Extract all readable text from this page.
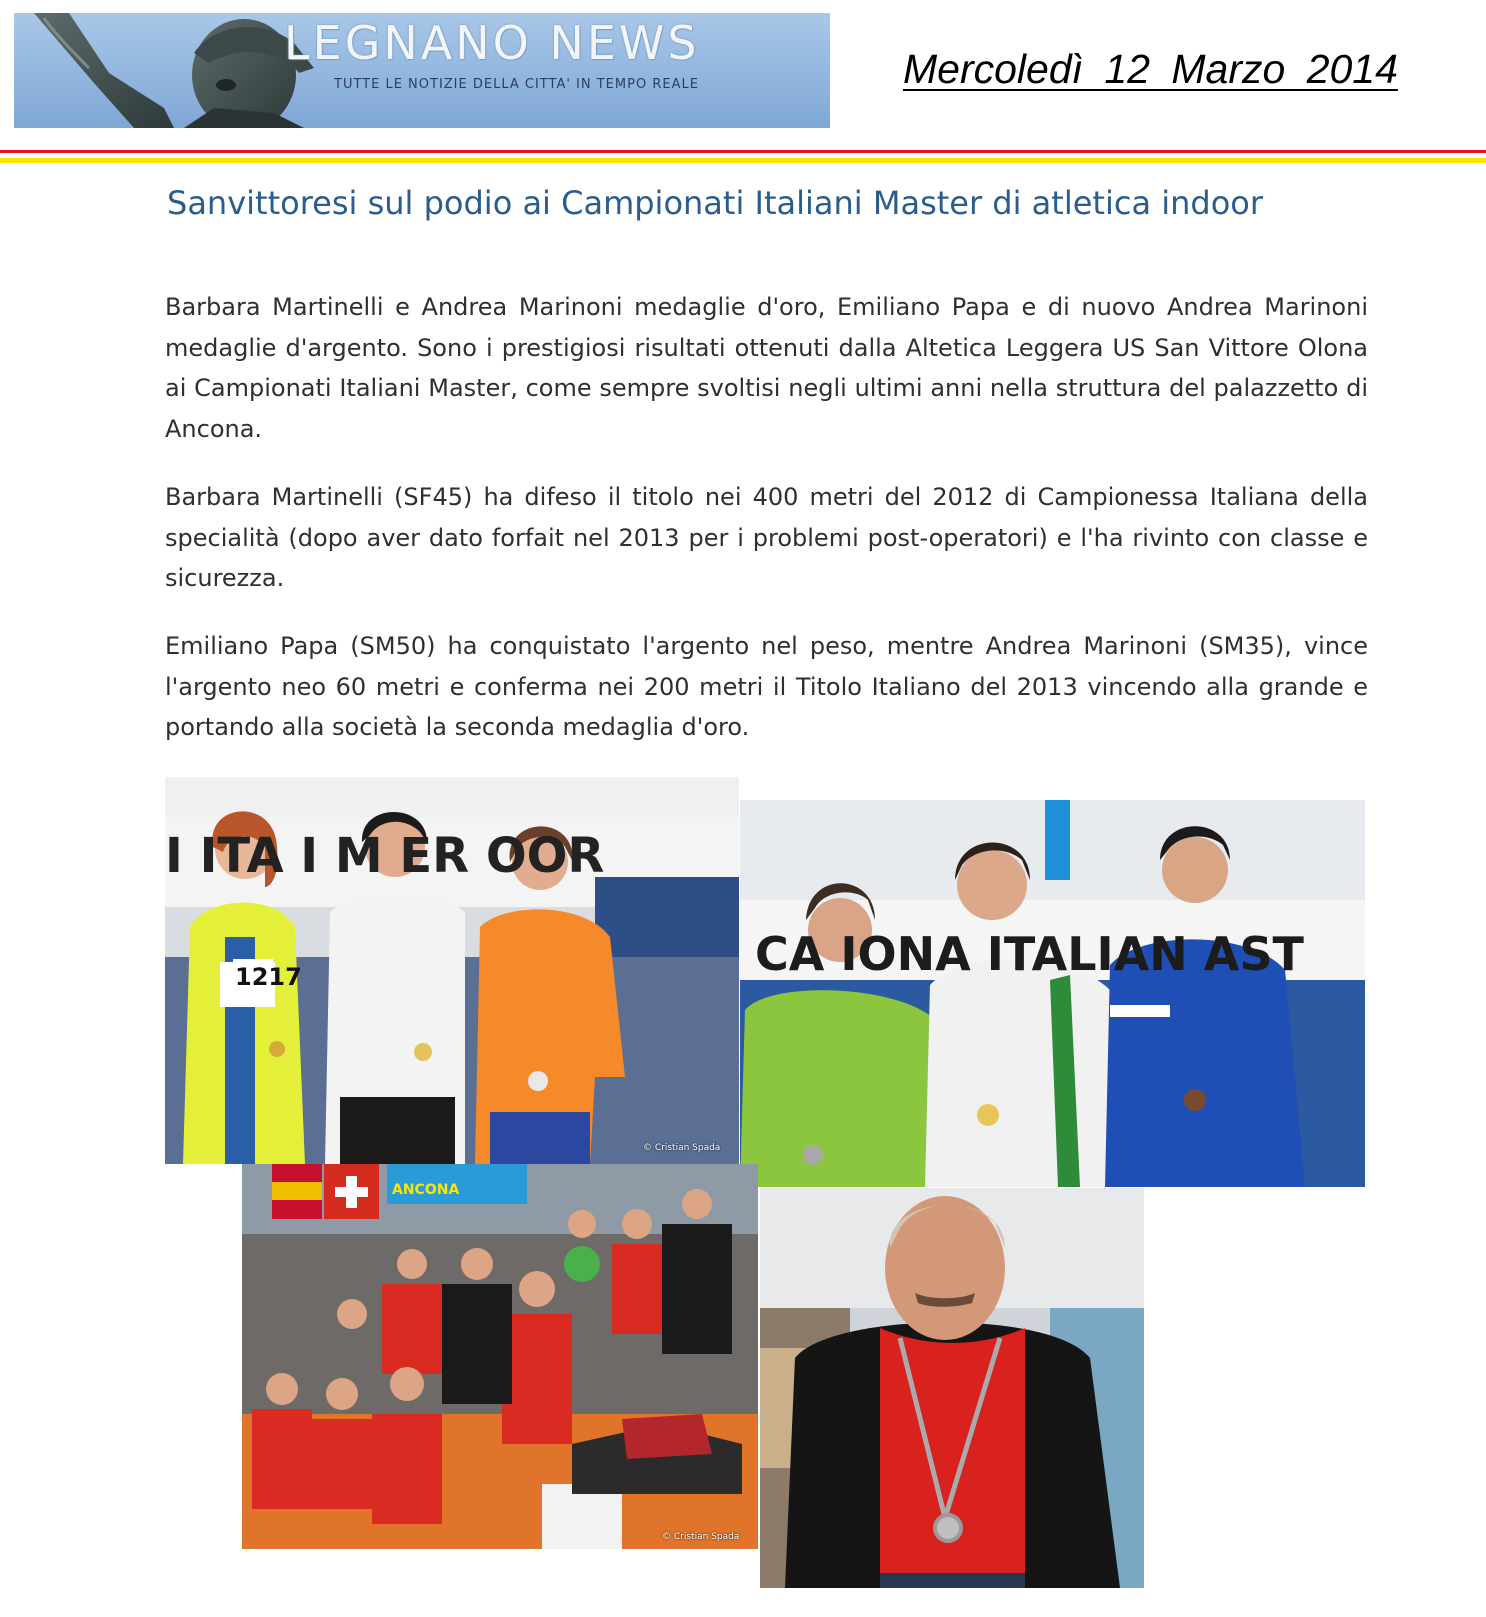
LEGNANO NEWS
TUTTE LE NOTIZIE DELLA CITTA' IN TEMPO REALE	Mercoledì 12 Marzo 2014
Sanvittoresi sul podio ai Campionati Italiani Master di atletica indoor

Barbara Martinelli e Andrea Marinoni medaglie d'oro, Emiliano Papa e di nuovo Andrea Marinoni medaglie d'argento. Sono i prestigiosi risultati ottenuti dalla Altetica Leggera US San Vittore Olona ai Campionati Italiani Master, come sempre svoltisi negli ultimi anni nella struttura del palazzetto di Ancona.

Barbara Martinelli (SF45) ha difeso il titolo nei 400 metri del 2012 di Campionessa Italiana della specialità (dopo aver dato forfait nel 2013 per i problemi post-operatori) e l'ha rivinto con classe e sicurezza.

Emiliano Papa (SM50) ha conquistato l'argento nel peso, mentre Andrea Marinoni (SM35), vince l'argento neo 60 metri e conferma nei 200 metri il Titolo Italiano del 2013 vincendo alla grande e portando alla società la seconda medaglia d'oro.

I ITA I M ER OOR
1217
© Cristian Spada
CA IONA ITALIAN AST
ANCONA
© Cristian Spada
